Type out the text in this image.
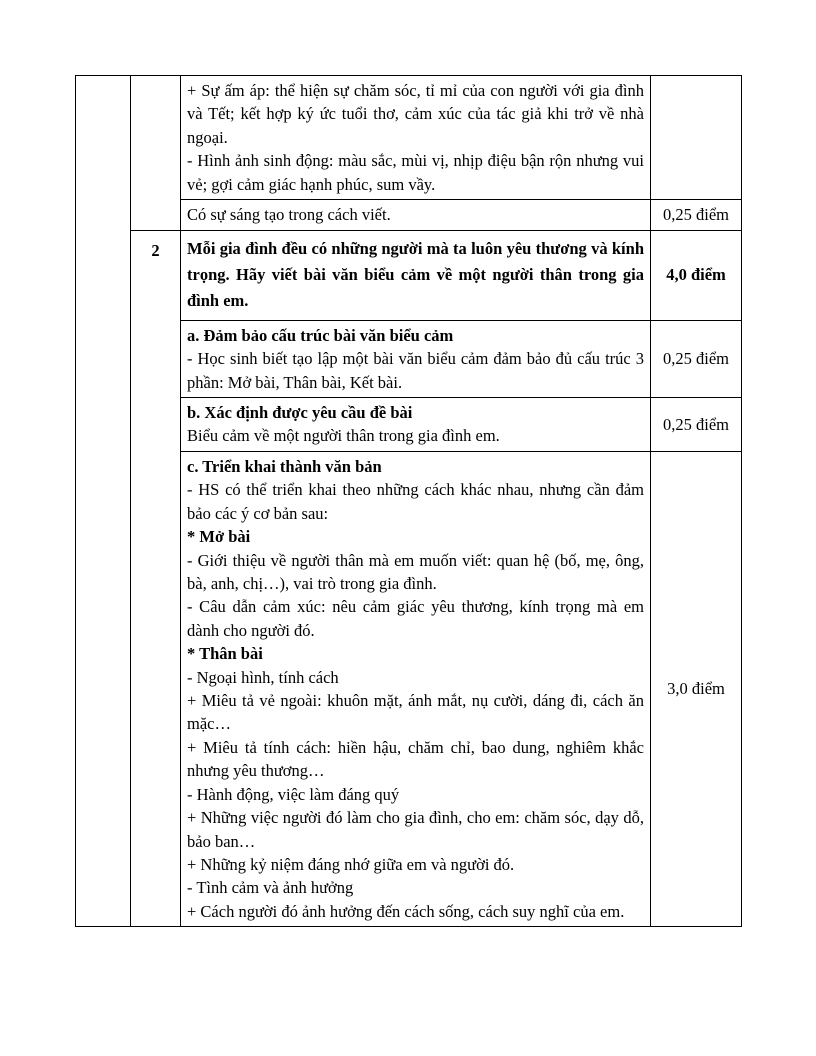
		+ Sự ấm áp: thể hiện sự chăm sóc, tỉ mỉ của con người với gia đình và Tết; kết hợp ký ức tuổi thơ, cảm xúc của tác giả khi trở về nhà ngoại.

- Hình ảnh sinh động: màu sắc, mùi vị, nhịp điệu bận rộn nhưng vui vẻ; gợi cảm giác hạnh phúc, sum vầy.	

		Có sự sáng tạo trong cách viết.	0,25 điểm
	2	Mỗi gia đình đều có những người mà ta luôn yêu thương và kính trọng. Hãy viết bài văn biểu cảm về một người thân trong gia đình em.	4,0 điểm

		a. Đảm bảo cấu trúc bài văn biểu cảm

- Học sinh biết tạo lập một bài văn biểu cảm đảm bảo đủ cấu trúc 3 phần: Mở bài, Thân bài, Kết bài.	0,25 điểm

		b. Xác định được yêu cầu đề bài

Biểu cảm về một người thân trong gia đình em.	0,25 điểm

c. Triển khai thành văn bản

- HS có thể triển khai theo những cách khác nhau, nhưng cần đảm bảo các ý cơ bản sau:

* Mở bài

- Giới thiệu về người thân mà em muốn viết: quan hệ (bố, mẹ, ông, bà, anh, chị…), vai trò trong gia đình.

- Câu dẫn cảm xúc: nêu cảm giác yêu thương, kính trọng mà em dành cho người đó.

* Thân bài

- Ngoại hình, tính cách

+ Miêu tả vẻ ngoài: khuôn mặt, ánh mắt, nụ cười, dáng đi, cách ăn mặc…

+ Miêu tả tính cách: hiền hậu, chăm chỉ, bao dung, nghiêm khắc nhưng yêu thương…

- Hành động, việc làm đáng quý

+ Những việc người đó làm cho gia đình, cho em: chăm sóc, dạy dỗ, bảo ban…

+ Những kỷ niệm đáng nhớ giữa em và người đó.

- Tình cảm và ảnh hưởng

+ Cách người đó ảnh hưởng đến cách sống, cách suy nghĩ của em.

	3,0 điểm
